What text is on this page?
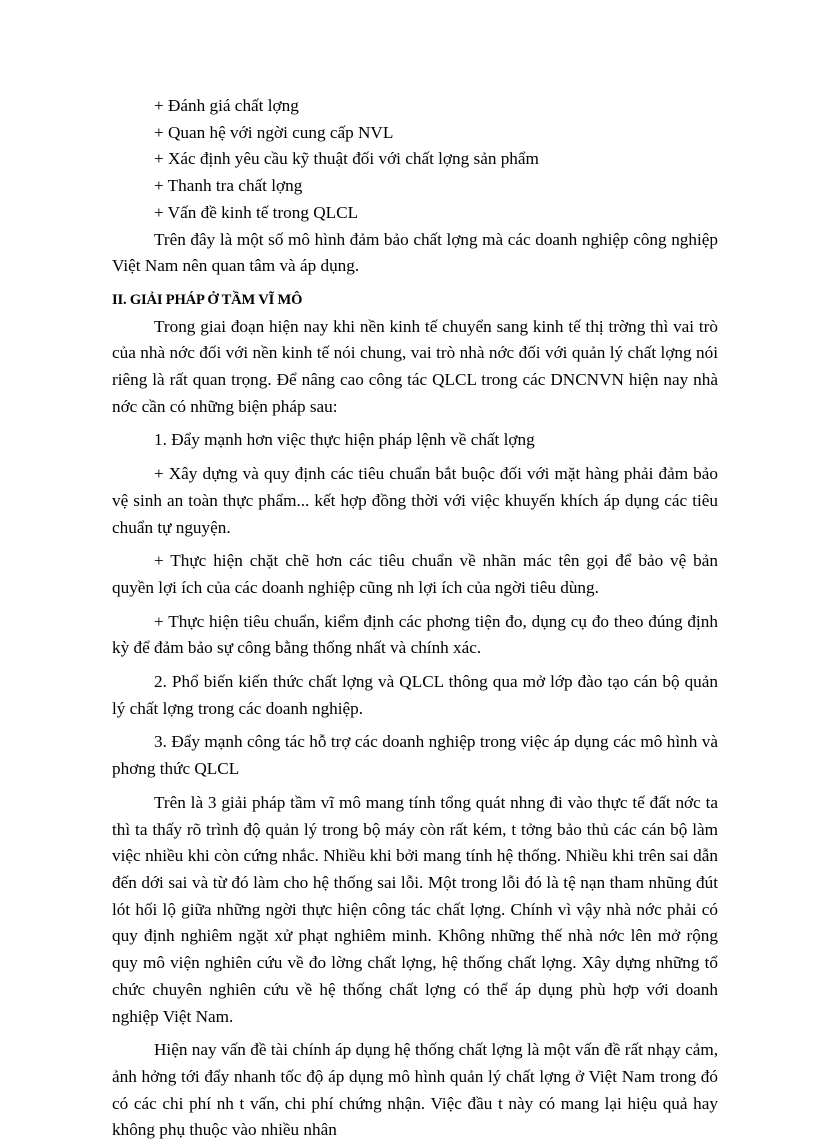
+ Đánh giá chất lợng

+ Quan hệ với ngời cung cấp NVL

+ Xác định yêu cầu kỹ thuật đối với chất lợng sản phẩm

+ Thanh tra chất lợng

+ Vấn đề kinh tế trong QLCL

Trên đây là một số mô hình đảm bảo chất lợng mà các doanh nghiệp công nghiệp Việt Nam nên quan tâm và áp dụng.

II. GIẢI PHÁP Ở TẦM VĨ MÔ

Trong giai đoạn hiện nay khi nền kinh tế chuyển sang kinh tế thị trờng thì vai trò của nhà nớc đối với nền kinh tế nói chung, vai trò nhà nớc đối với quản lý chất lợng nói riêng là rất quan trọng. Để nâng cao công tác QLCL trong các DNCNVN hiện nay nhà nớc cần có những biện pháp sau:

1. Đẩy mạnh hơn việc thực hiện pháp lệnh về chất lợng

+ Xây dựng và quy định các tiêu chuẩn bắt buộc đối với mặt hàng phải đảm bảo vệ sinh an toàn thực phẩm... kết hợp đồng thời với việc khuyến khích áp dụng các tiêu chuẩn tự nguyện.

+ Thực hiện chặt chẽ hơn các tiêu chuẩn về nhãn mác tên gọi để bảo vệ bản quyền lợi ích của các doanh nghiệp cũng nh lợi ích của ngời tiêu dùng.

+ Thực hiện tiêu chuẩn, kiểm định các phơng tiện đo, dụng cụ đo theo đúng định kỳ để đảm bảo sự công bằng thống nhất và chính xác.

2. Phổ biến kiến thức chất lợng và QLCL thông qua mở lớp đào tạo cán bộ quản lý chất lợng trong các doanh nghiệp.

3. Đẩy mạnh công tác hỗ trợ các doanh nghiệp trong việc áp dụng các mô hình và phơng thức QLCL

Trên là 3 giải pháp tầm vĩ mô mang tính tổng quát nhng đi vào thực tế đất nớc ta thì ta thấy rõ trình độ quản lý trong bộ máy còn rất kém, t tởng bảo thủ các cán bộ làm việc nhiều khi còn cứng nhắc. Nhiều khi bởi mang tính hệ thống. Nhiều khi trên sai dẫn đến dới sai và từ đó làm cho hệ thống sai lỗi. Một trong lỗi đó là tệ nạn tham nhũng đút lót hối lộ giữa những ngời thực hiện công tác chất lợng. Chính vì vậy nhà nớc phải có quy định nghiêm ngặt xử phạt nghiêm minh. Không những thế nhà nớc lên mở rộng quy mô viện nghiên cứu về đo lờng chất lợng, hệ thống chất lợng. Xây dựng những tổ chức chuyên nghiên cứu về hệ thống chất lợng có thể áp dụng phù hợp với doanh nghiệp Việt Nam.

Hiện nay vấn đề tài chính áp dụng hệ thống chất lợng là một vấn đề rất nhạy cảm, ảnh hởng tới đẩy nhanh tốc độ áp dụng mô hình quản lý chất lợng ở Việt Nam trong đó có các chi phí nh t vấn, chi phí chứng nhận. Việc đầu t này có mang lại hiệu quả hay không phụ thuộc vào nhiều nhân
